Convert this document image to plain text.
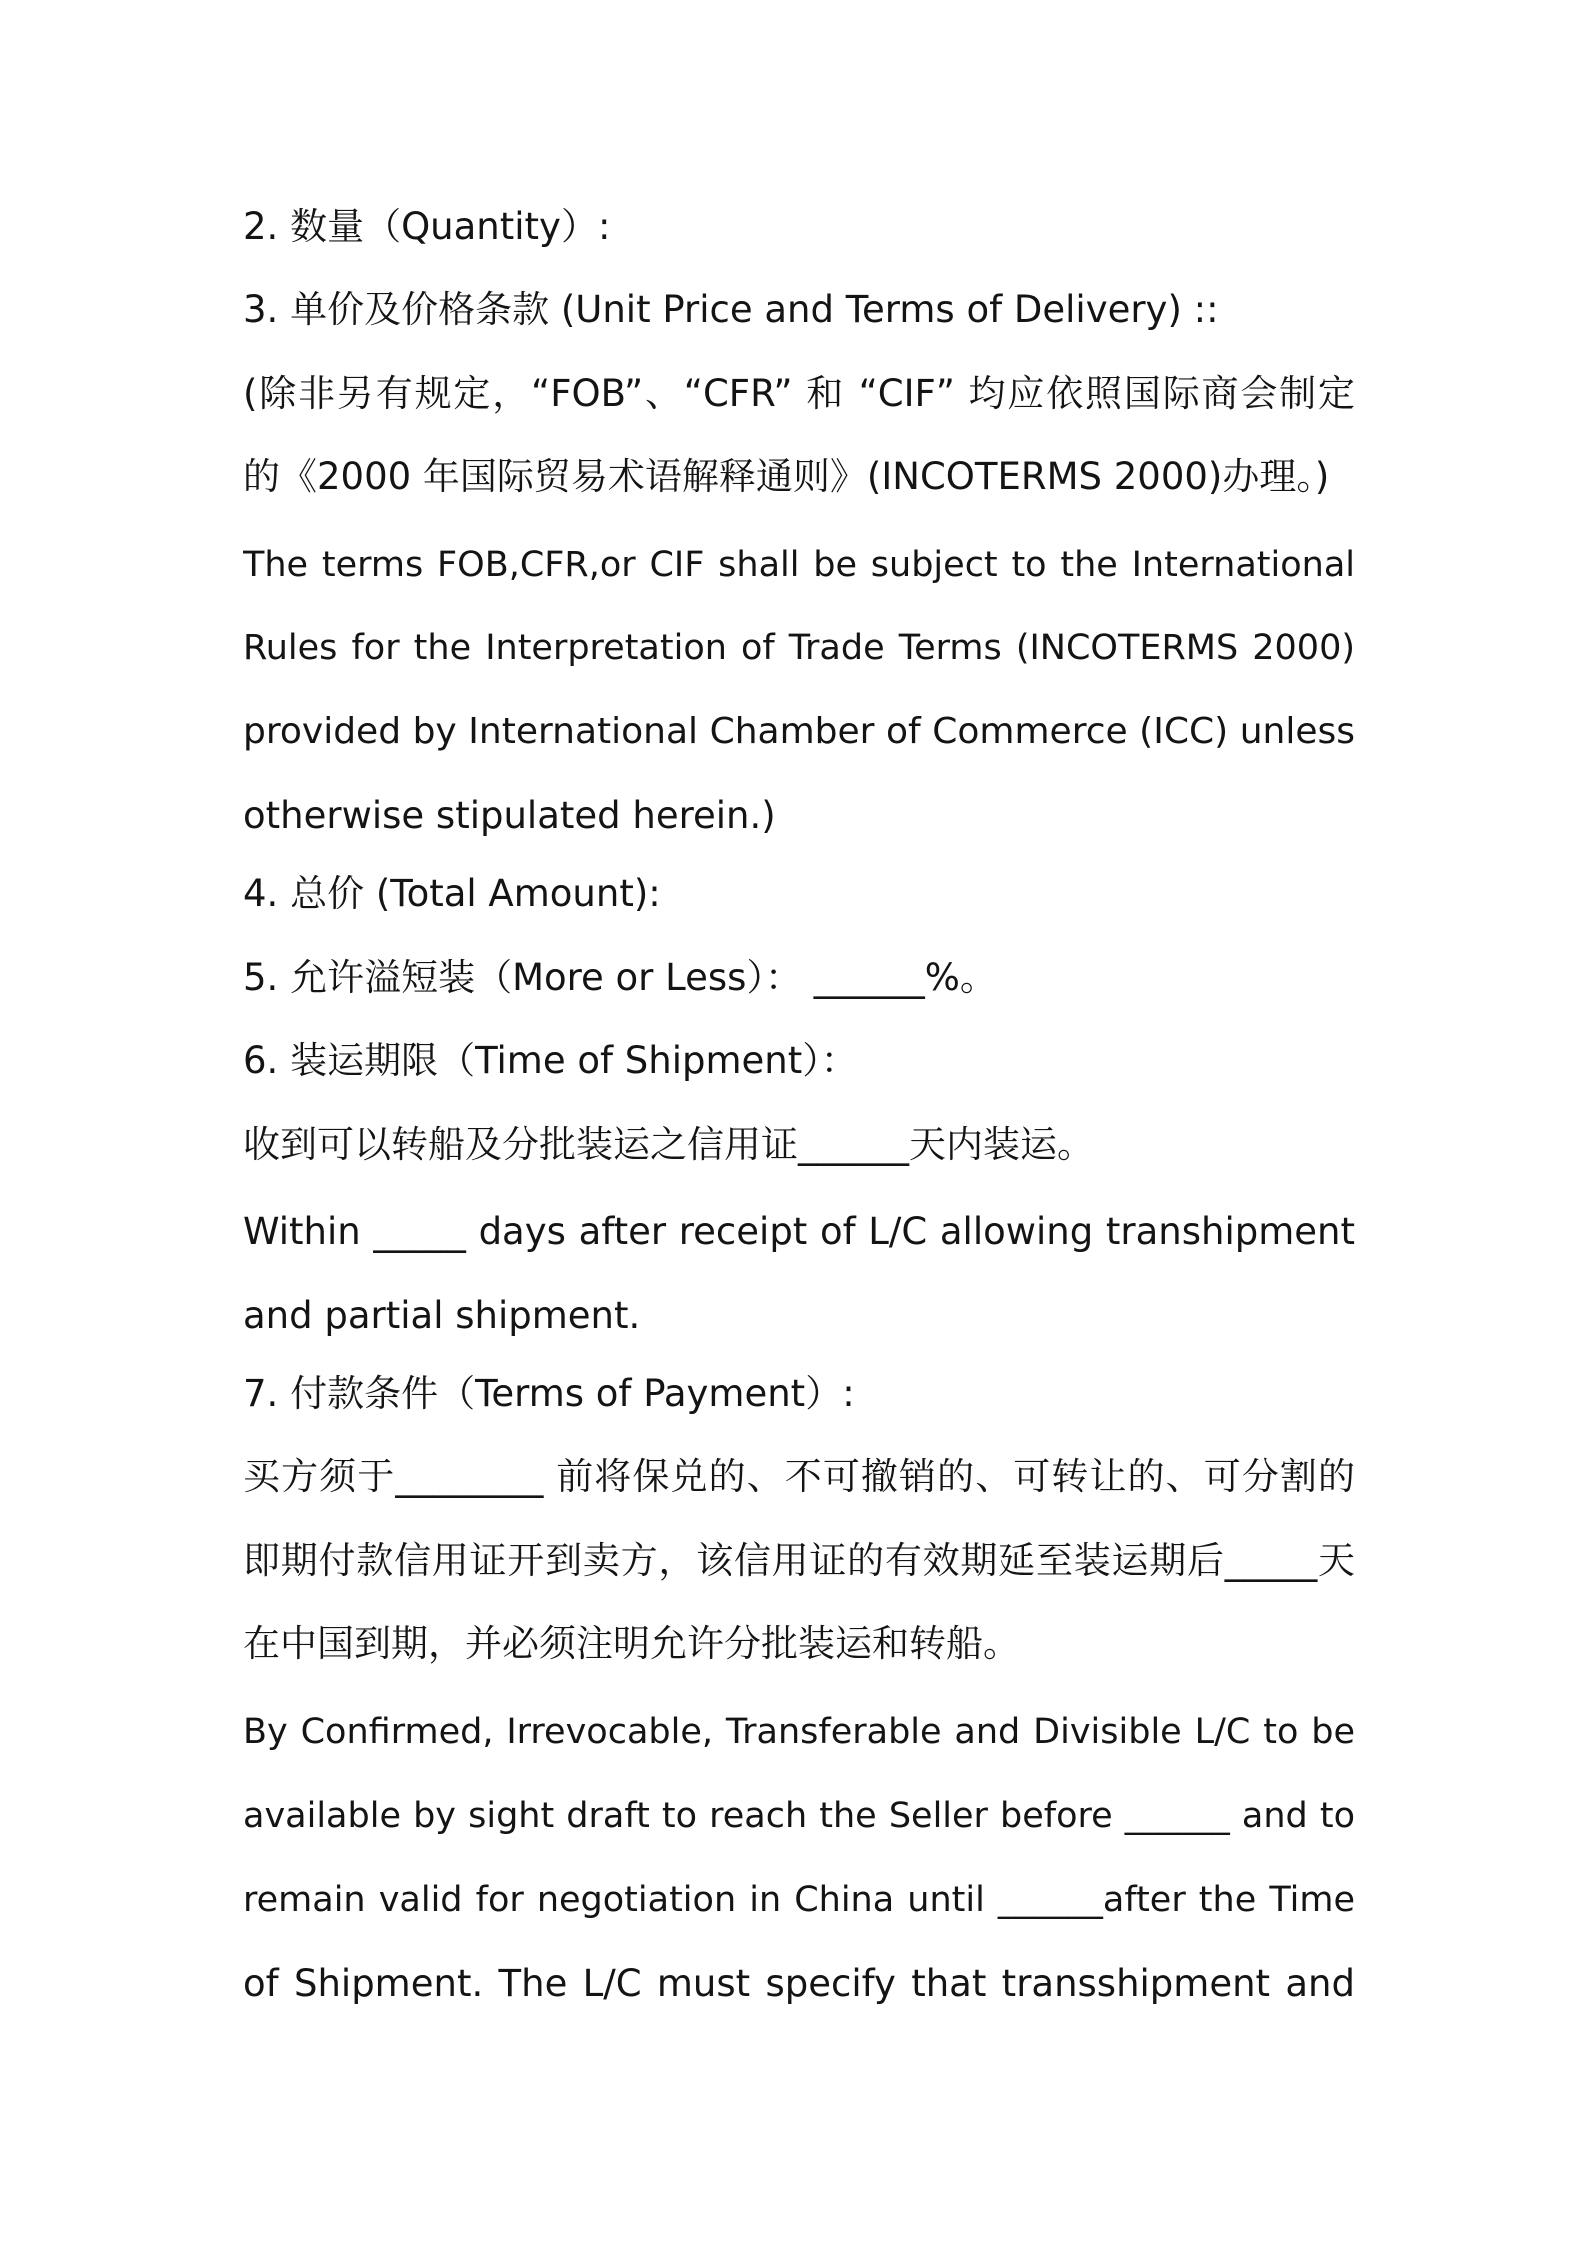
2. 数量（Quantity）:
3. 单价及价格条款 (Unit Price and Terms of Delivery) ::
(除非另有规定，“FOB”、“CFR” 和 “CIF” 均应依照国际商会制定
的《2000 年国际贸易术语解释通则》(INCOTERMS 2000)办理。)
The terms FOB,CFR,or CIF shall be subject to the International
Rules for the Interpretation of Trade Terms (INCOTERMS 2000)
provided by International Chamber of Commerce (ICC) unless
otherwise stipulated herein.)
4. 总价 (Total Amount):
5. 允许溢短装（More or Less）： ______%。
6. 装运期限（Time of Shipment）：
收到可以转船及分批装运之信用证______天内装运。
Within _____ days after receipt of L/C allowing transhipment
and partial shipment.
7. 付款条件（Terms of Payment）:
买方须于________ 前将保兑的、不可撤销的、可转让的、可分割的
即期付款信用证开到卖方，该信用证的有效期延至装运期后_____天
在中国到期，并必须注明允许分批装运和转船。
By Confirmed, Irrevocable, Transferable and Divisible L/C to be
available by sight draft to reach the Seller before ______ and to
remain valid for negotiation in China until ______after the Time
of Shipment. The L/C must specify that transshipment and
